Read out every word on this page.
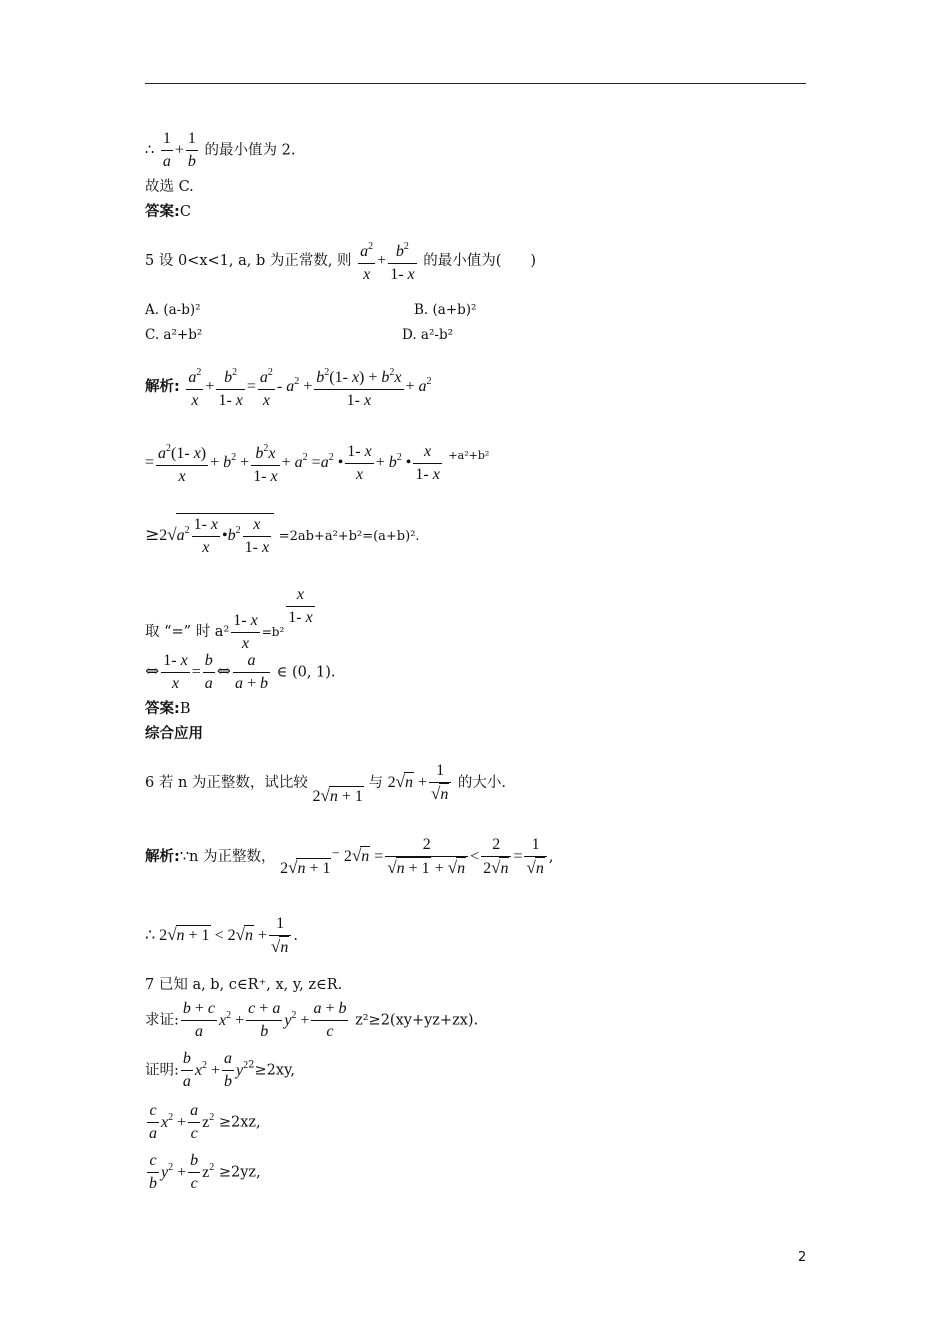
∴ $\frac{1}{a} + \frac{1}{b}$ 的最小值为 2.
故选 C.
答案:C
5 设 0<x<1, a, b 为正常数, 则 $\frac{a^2}{x} + \frac{b^2}{1- x}$ 的最小值为(　　)
A. (a-b)²	B. (a+b)²
C. a²+b²	D. a²-b²
解析: $\frac{a^2}{x} + \frac{b^2}{1- x} = \frac{a^2}{x} - a^2 + \frac{b^2(1- x) + b^2x}{1- x} + a^2$
= $\frac{a^2(1- x)}{x} + b^2 + \frac{b^2x}{1- x} + a^2 =a^2$ • $\frac{1- x}{x} + b^2$ • $\frac{x}{1- x} ^{+a^2+b^2}$
$\ge 2√a^2 \frac{1- x}{x}$ $•b^2 \frac{x}{1- x} =2ab+a^2+b^2=(a+b)^2$.
取 “=” 时 $a^2 \frac{1- x}{x} =b^2$
$\frac{x}{1- x}$
⇔ $\frac{1- x}{x} = \frac{b}{a}$ ⇔ $\frac{a}{a + b}$ ∈ (0, 1).
答案:B
综合应用
6 若 n 为正整数，试比较 2√n + 1 与 $2√n + \frac{1}{√n}$ 的大小.
解析:∵n 为正整数， 2√n + 1⁻ $2√n = \frac{2}{√n + 1 + √n} < \frac{2}{2√n} = \frac{1}{√n}$ ,
∴ $2√n + 1 < 2√n + \frac{1}{√n}$ .
7 已知 a, b, c∈R⁺, x, y, z∈R.
求证: $\frac{b + c}{a} x^2 + \frac{c + a}{b} y^2 + \frac{a + b}{c} z^2\ge 2(xy+yz+zx)$.
证明: $\frac{b}{a} x^2 + \frac{a}{b} y^{22}\ge 2xy$,
$\frac{c}{a} x^2 + \frac{a}{c} z^2 \ge 2xz$,
$\frac{c}{b} y^2 + \frac{b}{c} z^2 \ge 2yz$,
2
